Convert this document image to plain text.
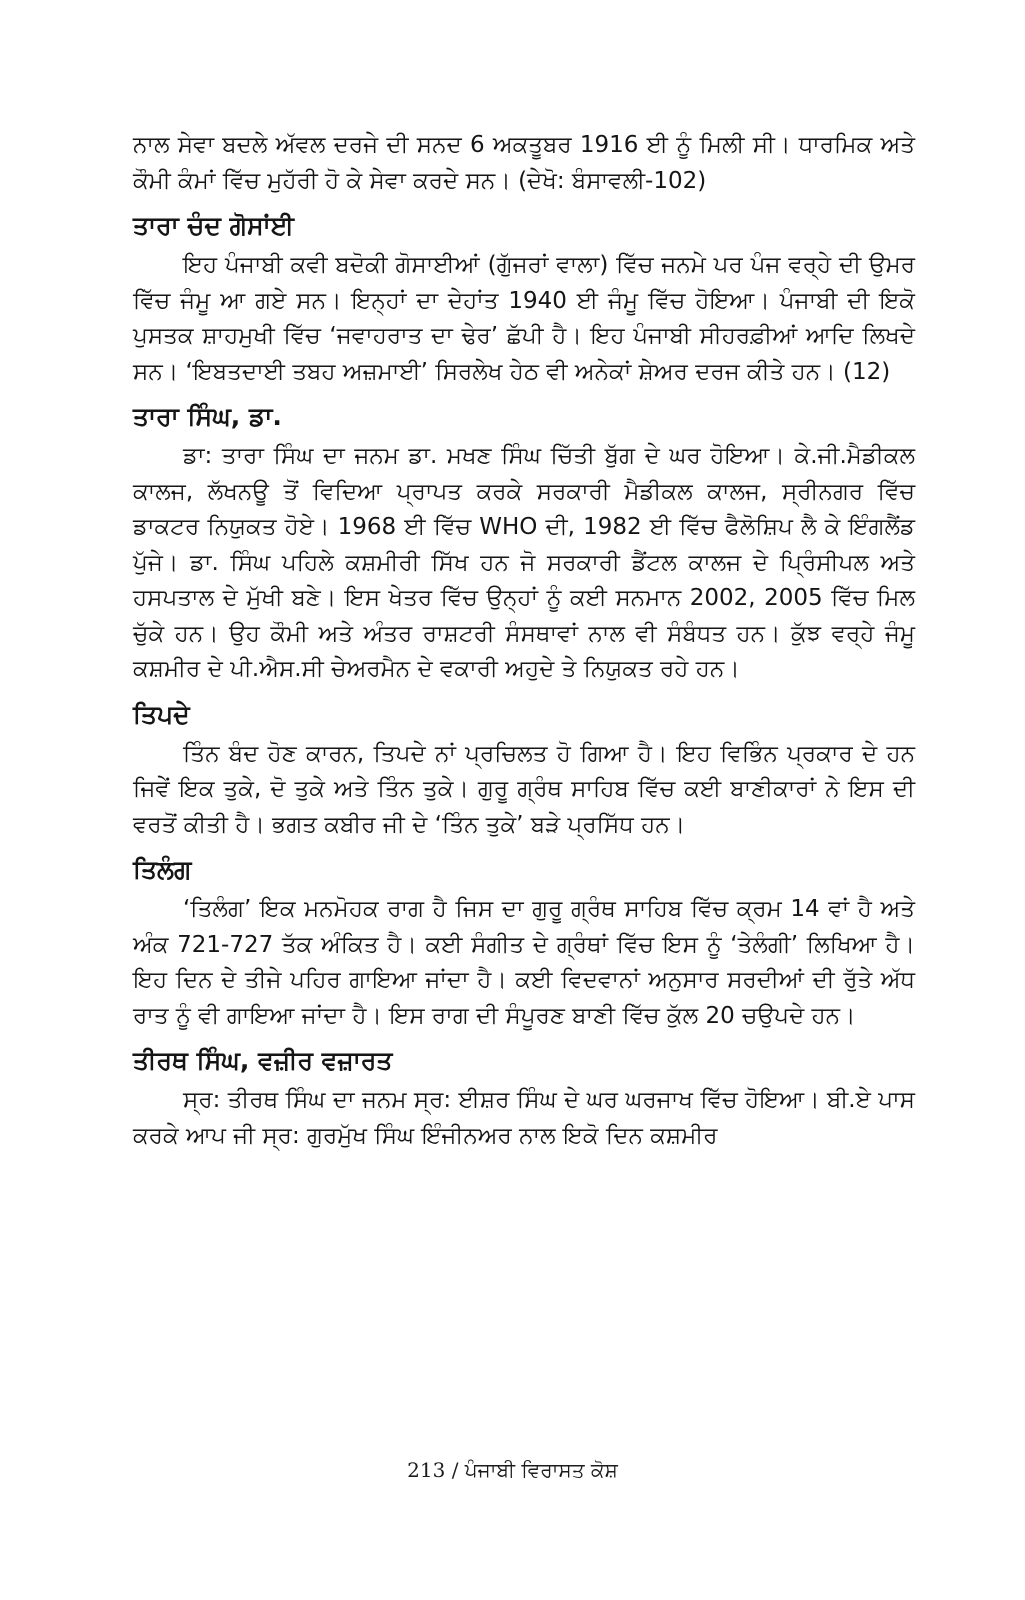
ਨਾਲ ਸੇਵਾ ਬਦਲੇ ਅੱਵਲ ਦਰਜੇ ਦੀ ਸਨਦ 6 ਅਕਤੂਬਰ 1916 ਈ ਨੂੰ ਮਿਲੀ ਸੀ। ਧਾਰਮਿਕ ਅਤੇ ਕੌਮੀ ਕੰਮਾਂ ਵਿੱਚ ਮੁਹੱਰੀ ਹੋ ਕੇ ਸੇਵਾ ਕਰਦੇ ਸਨ। (ਦੇਖੋ: ਬੰਸਾਵਲੀ-102)

ਤਾਰਾ ਚੰਦ ਗੋਸਾਂਈ

ਇਹ ਪੰਜਾਬੀ ਕਵੀ ਬਦੋਕੀ ਗੋਸਾਈਆਂ (ਗੁੱਜਰਾਂ ਵਾਲਾ) ਵਿੱਚ ਜਨਮੇ ਪਰ ਪੰਜ ਵਰ੍ਹੇ ਦੀ ਉਮਰ ਵਿੱਚ ਜੰਮੂ ਆ ਗਏ ਸਨ। ਇਨ੍ਹਾਂ ਦਾ ਦੇਹਾਂਤ 1940 ਈ ਜੰਮੂ ਵਿੱਚ ਹੋਇਆ। ਪੰਜਾਬੀ ਦੀ ਇਕੋ ਪੁਸਤਕ ਸ਼ਾਹਮੁਖੀ ਵਿੱਚ ‘ਜਵਾਹਰਾਤ ਦਾ ਢੇਰ’ ਛੱਪੀ ਹੈ। ਇਹ ਪੰਜਾਬੀ ਸੀਹਰਫ਼ੀਆਂ ਆਦਿ ਲਿਖਦੇ ਸਨ। ‘ਇਬਤਦਾਈ ਤਬਹ ਅਜ਼ਮਾਈ’ ਸਿਰਲੇਖ ਹੇਠ ਵੀ ਅਨੇਕਾਂ ਸ਼ੇਅਰ ਦਰਜ ਕੀਤੇ ਹਨ। (12)

ਤਾਰਾ ਸਿੰਘ, ਡਾ.

ਡਾ: ਤਾਰਾ ਸਿੰਘ ਦਾ ਜਨਮ ਡਾ. ਮਖਣ ਸਿੰਘ ਚਿੱਤੀ ਬੁੱਗ ਦੇ ਘਰ ਹੋਇਆ। ਕੇ.ਜੀ.ਮੈਡੀਕਲ ਕਾਲਜ, ਲੱਖਨਊ ਤੋਂ ਵਿਦਿਆ ਪ੍ਰਾਪਤ ਕਰਕੇ ਸਰਕਾਰੀ ਮੈਡੀਕਲ ਕਾਲਜ, ਸ੍ਰੀਨਗਰ ਵਿੱਚ ਡਾਕਟਰ ਨਿਯੁਕਤ ਹੋਏ। 1968 ਈ ਵਿੱਚ WHO ਦੀ, 1982 ਈ ਵਿੱਚ ਫੈਲੋਸ਼ਿਪ ਲੈ ਕੇ ਇੰਗਲੈਂਡ ਪੁੱਜੇ। ਡਾ. ਸਿੰਘ ਪਹਿਲੇ ਕਸ਼ਮੀਰੀ ਸਿੱਖ ਹਨ ਜੋ ਸਰਕਾਰੀ ਡੈਂਟਲ ਕਾਲਜ ਦੇ ਪ੍ਰਿੰਸੀਪਲ ਅਤੇ ਹਸਪਤਾਲ ਦੇ ਮੁੱਖੀ ਬਣੇ। ਇਸ ਖੇਤਰ ਵਿੱਚ ਉਨ੍ਹਾਂ ਨੂੰ ਕਈ ਸਨਮਾਨ 2002, 2005 ਵਿੱਚ ਮਿਲ ਚੁੱਕੇ ਹਨ। ਉਹ ਕੌਮੀ ਅਤੇ ਅੰਤਰ ਰਾਸ਼ਟਰੀ ਸੰਸਥਾਵਾਂ ਨਾਲ ਵੀ ਸੰਬੰਧਤ ਹਨ। ਕੁੱਝ ਵਰ੍ਹੇ ਜੰਮੂ ਕਸ਼ਮੀਰ ਦੇ ਪੀ.ਐਸ.ਸੀ ਚੇਅਰਮੈਨ ਦੇ ਵਕਾਰੀ ਅਹੁਦੇ ਤੇ ਨਿਯੁਕਤ ਰਹੇ ਹਨ।

ਤਿਪਦੇ

ਤਿੰਨ ਬੰਦ ਹੋਣ ਕਾਰਨ, ਤਿਪਦੇ ਨਾਂ ਪ੍ਰਚਿਲਤ ਹੋ ਗਿਆ ਹੈ। ਇਹ ਵਿਭਿੰਨ ਪ੍ਰਕਾਰ ਦੇ ਹਨ ਜਿਵੇਂ ਇਕ ਤੁਕੇ, ਦੋ ਤੁਕੇ ਅਤੇ ਤਿੰਨ ਤੁਕੇ। ਗੁਰੂ ਗ੍ਰੰਥ ਸਾਹਿਬ ਵਿੱਚ ਕਈ ਬਾਣੀਕਾਰਾਂ ਨੇ ਇਸ ਦੀ ਵਰਤੋਂ ਕੀਤੀ ਹੈ। ਭਗਤ ਕਬੀਰ ਜੀ ਦੇ ‘ਤਿੰਨ ਤੁਕੇ’ ਬੜੇ ਪ੍ਰਸਿੱਧ ਹਨ।

ਤਿਲੰਗ

‘ਤਿਲੰਗ’ ਇਕ ਮਨਮੋਹਕ ਰਾਗ ਹੈ ਜਿਸ ਦਾ ਗੁਰੂ ਗ੍ਰੰਥ ਸਾਹਿਬ ਵਿੱਚ ਕ੍ਰਮ 14 ਵਾਂ ਹੈ ਅਤੇ ਅੰਕ 721-727 ਤੱਕ ਅੰਕਿਤ ਹੈ। ਕਈ ਸੰਗੀਤ ਦੇ ਗ੍ਰੰਥਾਂ ਵਿੱਚ ਇਸ ਨੂੰ ‘ਤੇਲੰਗੀ’ ਲਿਖਿਆ ਹੈ। ਇਹ ਦਿਨ ਦੇ ਤੀਜੇ ਪਹਿਰ ਗਾਇਆ ਜਾਂਦਾ ਹੈ। ਕਈ ਵਿਦਵਾਨਾਂ ਅਨੁਸਾਰ ਸਰਦੀਆਂ ਦੀ ਰੁੱਤੇ ਅੱਧ ਰਾਤ ਨੂੰ ਵੀ ਗਾਇਆ ਜਾਂਦਾ ਹੈ। ਇਸ ਰਾਗ ਦੀ ਸੰਪੂਰਣ ਬਾਣੀ ਵਿੱਚ ਕੁੱਲ 20 ਚਉਪਦੇ ਹਨ।

ਤੀਰਥ ਸਿੰਘ, ਵਜ਼ੀਰ ਵਜ਼ਾਰਤ

ਸ੍ਰ: ਤੀਰਥ ਸਿੰਘ ਦਾ ਜਨਮ ਸ੍ਰ: ਈਸ਼ਰ ਸਿੰਘ ਦੇ ਘਰ ਘਰਜਾਖ ਵਿੱਚ ਹੋਇਆ। ਬੀ.ਏ ਪਾਸ ਕਰਕੇ ਆਪ ਜੀ ਸ੍ਰ: ਗੁਰਮੁੱਖ ਸਿੰਘ ਇੰਜੀਨਅਰ ਨਾਲ ਇਕੋ ਦਿਨ ਕਸ਼ਮੀਰ

213 / ਪੰਜਾਬੀ ਵਿਰਾਸਤ ਕੋਸ਼
